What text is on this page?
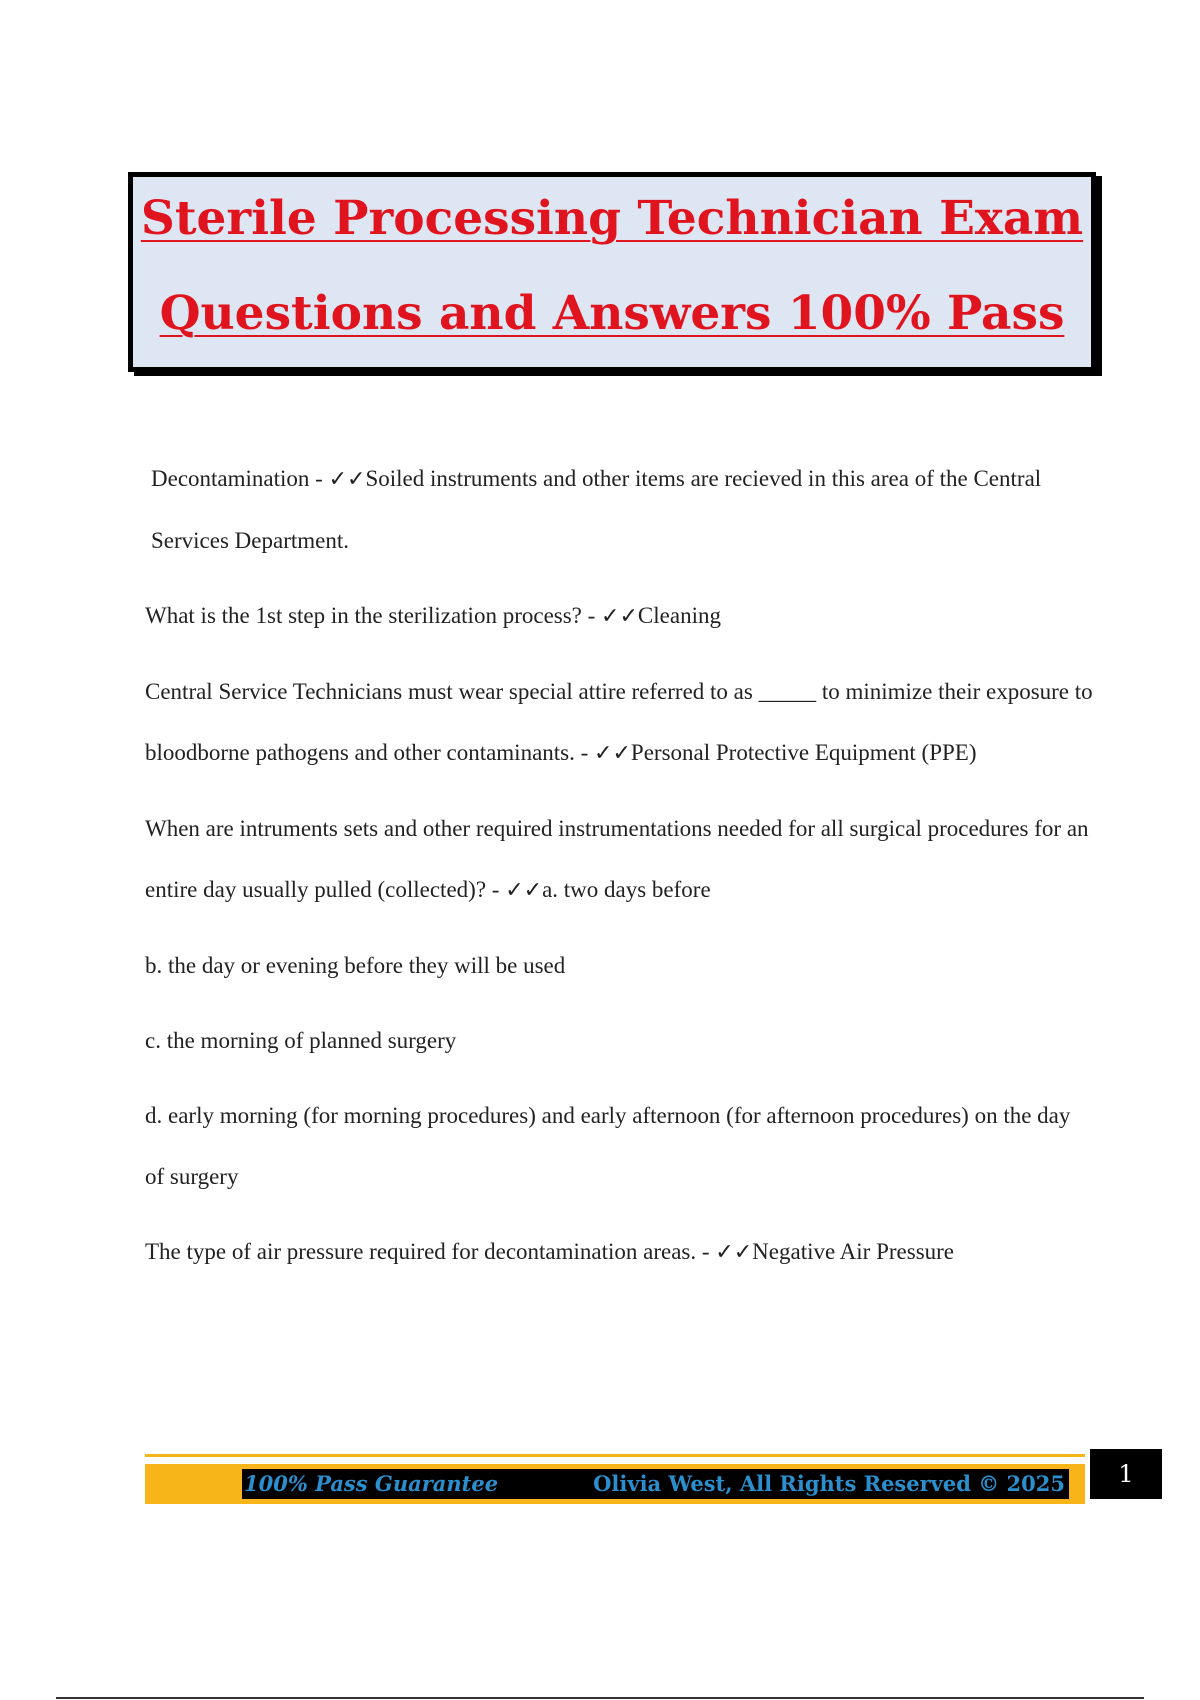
Sterile Processing Technician Exam
Questions and Answers 100% Pass

Decontamination - ✓✓Soiled instruments and other items are recieved in this area of the Central Services Department.

What is the 1st step in the sterilization process? - ✓✓Cleaning

Central Service Technicians must wear special attire referred to as _____ to minimize their exposure to bloodborne pathogens and other contaminants. - ✓✓Personal Protective Equipment (PPE)

When are intruments sets and other required instrumentations needed for all surgical procedures for an entire day usually pulled (collected)? - ✓✓a. two days before

b. the day or evening before they will be used

c. the morning of planned surgery

d. early morning (for morning procedures) and early afternoon (for afternoon procedures) on the day of surgery

The type of air pressure required for decontamination areas. - ✓✓Negative Air Pressure

100% Pass Guarantee	Olivia West, All Rights Reserved © 2025	1
